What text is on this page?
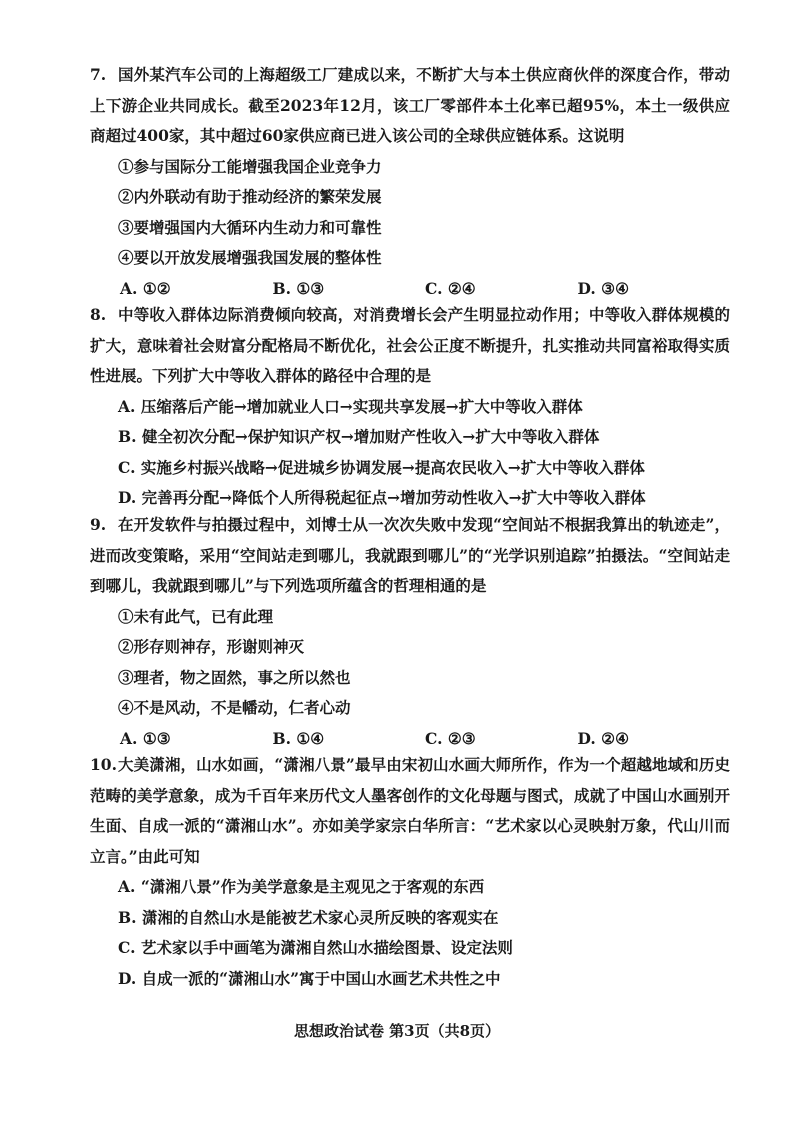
7. 国外某汽车公司的上海超级工厂建成以来，不断扩大与本土供应商伙伴的深度合作，带动上下游企业共同成长。截至2023年12月，该工厂零部件本土化率已超95%，本土一级供应商超过400家，其中超过60家供应商已进入该公司的全球供应链体系。这说明

①参与国际分工能增强我国企业竞争力

②内外联动有助于推动经济的繁荣发展

③要增强国内大循环内生动力和可靠性

④要以开放发展增强我国发展的整体性

A. ①②	B. ①③	C. ②④	D. ③④
8. 中等收入群体边际消费倾向较高，对消费增长会产生明显拉动作用；中等收入群体规模的扩大，意味着社会财富分配格局不断优化，社会公正度不断提升，扎实推动共同富裕取得实质性进展。下列扩大中等收入群体的路径中合理的是

A. 压缩落后产能→增加就业人口→实现共享发展→扩大中等收入群体

B. 健全初次分配→保护知识产权→增加财产性收入→扩大中等收入群体

C. 实施乡村振兴战略→促进城乡协调发展→提高农民收入→扩大中等收入群体

D. 完善再分配→降低个人所得税起征点→增加劳动性收入→扩大中等收入群体

9. 在开发软件与拍摄过程中，刘博士从一次次失败中发现“空间站不根据我算出的轨迹走”，进而改变策略，采用“空间站走到哪儿，我就跟到哪儿”的“光学识别追踪”拍摄法。“空间站走到哪儿，我就跟到哪儿”与下列选项所蕴含的哲理相通的是

①未有此气，已有此理

②形存则神存，形谢则神灭

③理者，物之固然，事之所以然也

④不是风动，不是幡动，仁者心动

A. ①③	B. ①④	C. ②③	D. ②④
10. 大美潇湘，山水如画，“潇湘八景”最早由宋初山水画大师所作，作为一个超越地域和历史范畴的美学意象，成为千百年来历代文人墨客创作的文化母题与图式，成就了中国山水画别开生面、自成一派的“潇湘山水”。亦如美学家宗白华所言：“艺术家以心灵映射万象，代山川而立言。”由此可知

A. “潇湘八景”作为美学意象是主观见之于客观的东西

B. 潇湘的自然山水是能被艺术家心灵所反映的客观实在

C. 艺术家以手中画笔为潇湘自然山水描绘图景、设定法则

D. 自成一派的“潇湘山水”寓于中国山水画艺术共性之中

思想政治试卷 第3页（共8页）
